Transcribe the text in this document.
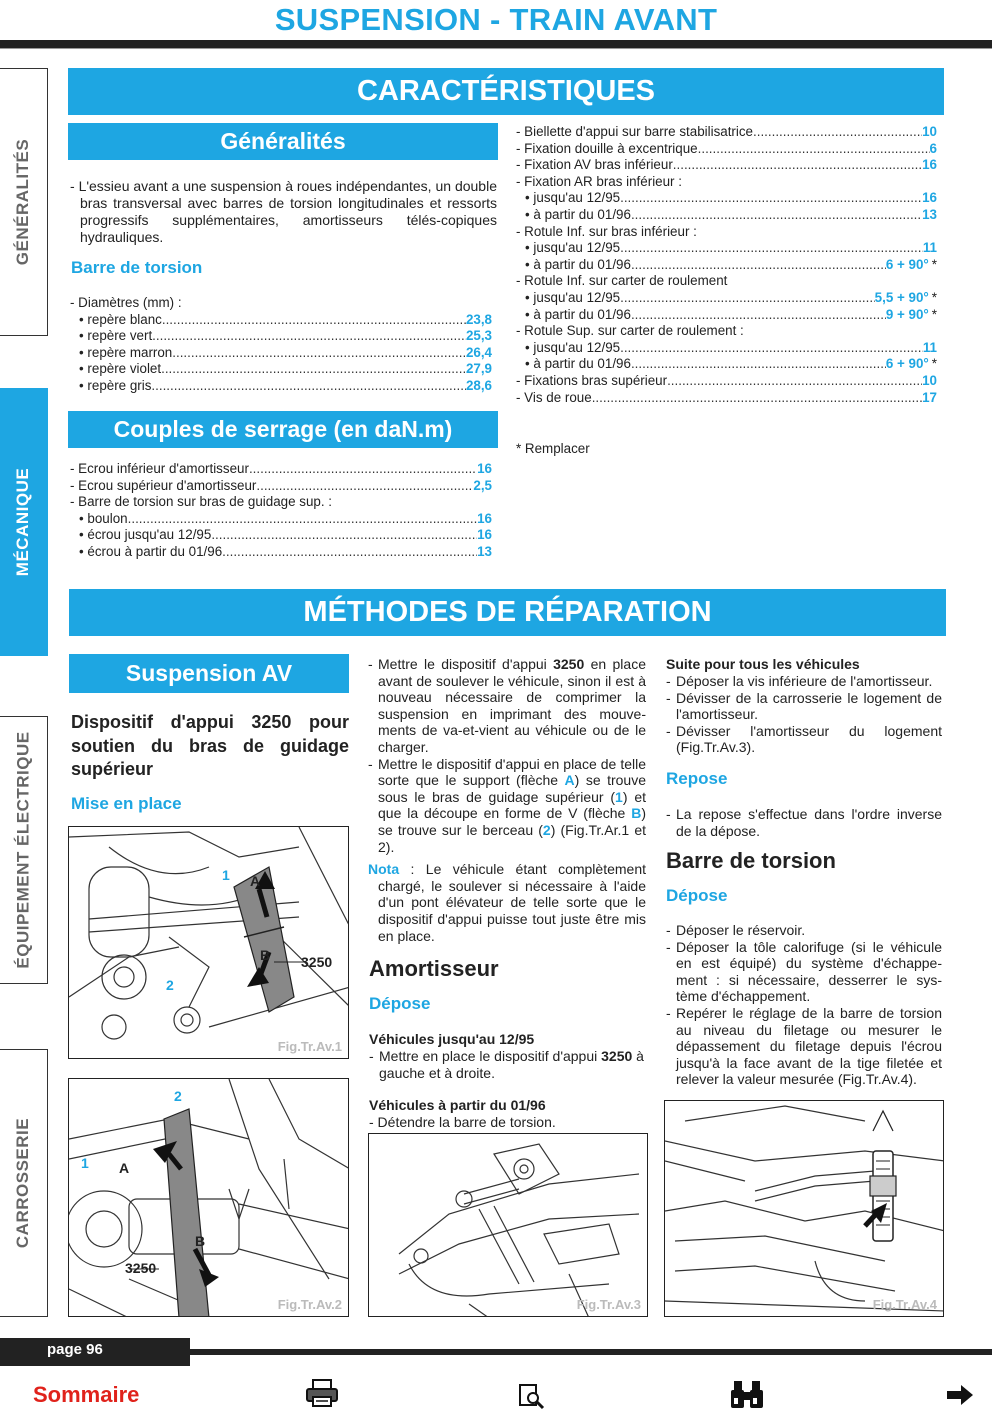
SUSPENSION - TRAIN AVANT
GÉNÉRALITÉS
MÉCANIQUE
ÉQUIPEMENT ÉLECTRIQUE
CARROSSERIE
CARACTÉRISTIQUES
Généralités
- L'essieu avant a une suspension à roues indépendantes, un double bras transversal avec barres de torsion longitudinales et ressorts progressifs supplémentaires, amortisseurs télés-copiques hydrauliques.
Barre de torsion
- Diamètres (mm) :
• repère blanc .....	23,8
• repère vert .....	25,3
• repère marron .....	26,4
• repère violet .....	27,9
• repère gris .....	28,6
Couples de serrage (en daN.m)
- Ecrou inférieur d'amortisseur .....	16
- Ecrou supérieur d'amortisseur .....	2,5
- Barre de torsion sur bras de guidage sup. :
• boulon .....	16
• écrou jusqu'au 12/95 .....	16
• écrou à partir du 01/96 .....	13
- Biellette d'appui sur barre stabilisatrice .....	10
- Fixation douille à excentrique .....	6
- Fixation AV bras inférieur .....	16
- Fixation AR bras inférieur :
• jusqu'au 12/95 .....	16
• à partir du 01/96 .....	13
- Rotule Inf. sur bras inférieur :
• jusqu'au 12/95 .....	11
• à partir du 01/96 .....	6 + 90° *
- Rotule Inf. sur carter de roulement
• jusqu'au 12/95 .....	5,5 + 90° *
• à partir du 01/96 .....	9 + 90° *
- Rotule Sup. sur carter de roulement :
• jusqu'au 12/95 .....	11
• à partir du 01/96 .....	6 + 90° *
- Fixations bras supérieur .....	10
- Vis de roue .....	17
* Remplacer
MÉTHODES DE RÉPARATION
Suspension AV
Dispositif d'appui 3250 pour soutien du bras de guidage supérieur
Mise en place
1 A
B
2
3250
Fig.Tr.Av.1
2
1 A
B
3250
Fig.Tr.Av.2
- Mettre le dispositif d'appui 3250 en place avant de soulever le véhicule, sinon il est à nouveau nécessaire de comprimer la suspension en imprimant des mouve-ments de va-et-vient au véhicule ou de le charger.
- Mettre le dispositif d'appui en place de telle sorte que le support (flèche A) se trouve sous le bras de guidage supérieur (1) et que la découpe en forme de V (flèche B) se trouve sur le berceau (2) (Fig.Tr.Ar.1 et 2).
Nota : Le véhicule étant complètement chargé, le soulever si nécessaire à l'aide d'un pont élévateur de telle sorte que le dispositif d'appui puisse tout juste être mis en place.
Amortisseur
Dépose
Véhicules jusqu'au 12/95
- Mettre en place le dispositif d'appui 3250 à gauche et à droite.
Véhicules à partir du 01/96
- Détendre la barre de torsion.
Fig.Tr.Av.3
Suite pour tous les véhicules
- Déposer la vis inférieure de l'amortisseur.
- Dévisser de la carrosserie le logement de l'amortisseur.
- Dévisser l'amortisseur du logement (Fig.Tr.Av.3).
Repose
- La repose s'effectue dans l'ordre inverse de la dépose.
Barre de torsion
Dépose
- Déposer le réservoir.
- Déposer la tôle calorifuge (si le véhicule en est équipé) du système d'échappe-ment : si nécessaire, desserrer le sys-tème d'échappement.
- Repérer le réglage de la barre de torsion au niveau du filetage ou mesurer le dépassement du filetage depuis l'écrou jusqu'à la face avant de la tige filetée et relever la valeur mesurée (Fig.Tr.Av.4).
Fig.Tr.Av.4
page 96
Sommaire
